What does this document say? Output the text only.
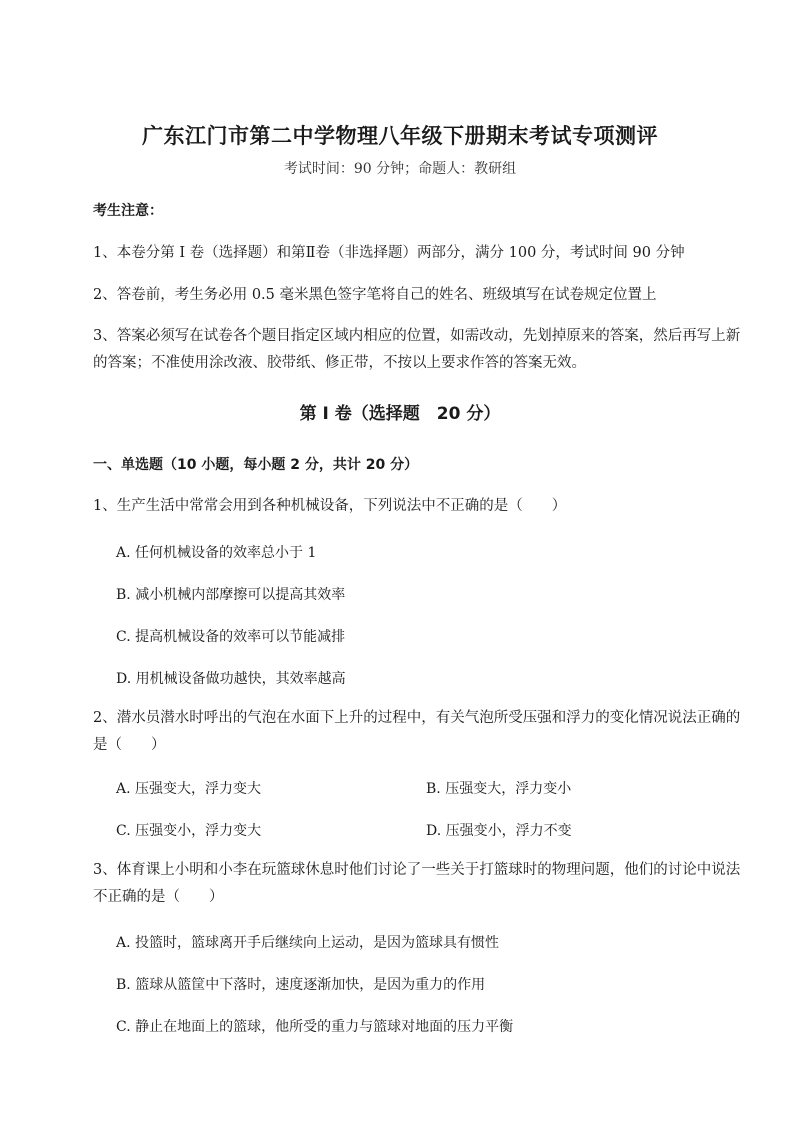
广东江门市第二中学物理八年级下册期末考试专项测评
考试时间：90 分钟；命题人：教研组
考生注意：
1、本卷分第 I 卷（选择题）和第Ⅱ卷（非选择题）两部分，满分 100 分，考试时间 90 分钟
2、答卷前，考生务必用 0.5 毫米黑色签字笔将自己的姓名、班级填写在试卷规定位置上
3、答案必须写在试卷各个题目指定区域内相应的位置，如需改动，先划掉原来的答案，然后再写上新的答案；不准使用涂改液、胶带纸、修正带，不按以上要求作答的答案无效。
第 I 卷（选择题　20 分）
一、单选题（10 小题，每小题 2 分，共计 20 分）
1、生产生活中常常会用到各种机械设备，下列说法中不正确的是（　　）
A. 任何机械设备的效率总小于 1
B. 减小机械内部摩擦可以提高其效率
C. 提高机械设备的效率可以节能减排
D. 用机械设备做功越快，其效率越高
2、潜水员潜水时呼出的气泡在水面下上升的过程中，有关气泡所受压强和浮力的变化情况说法正确的是（　　）
A. 压强变大，浮力变大	B. 压强变大，浮力变小
C. 压强变小，浮力变大	D. 压强变小，浮力不变
3、体育课上小明和小李在玩篮球休息时他们讨论了一些关于打篮球时的物理问题，他们的讨论中说法不正确的是（　　）
A. 投篮时，篮球离开手后继续向上运动，是因为篮球具有惯性
B. 篮球从篮筐中下落时，速度逐渐加快，是因为重力的作用
C. 静止在地面上的篮球，他所受的重力与篮球对地面的压力平衡
